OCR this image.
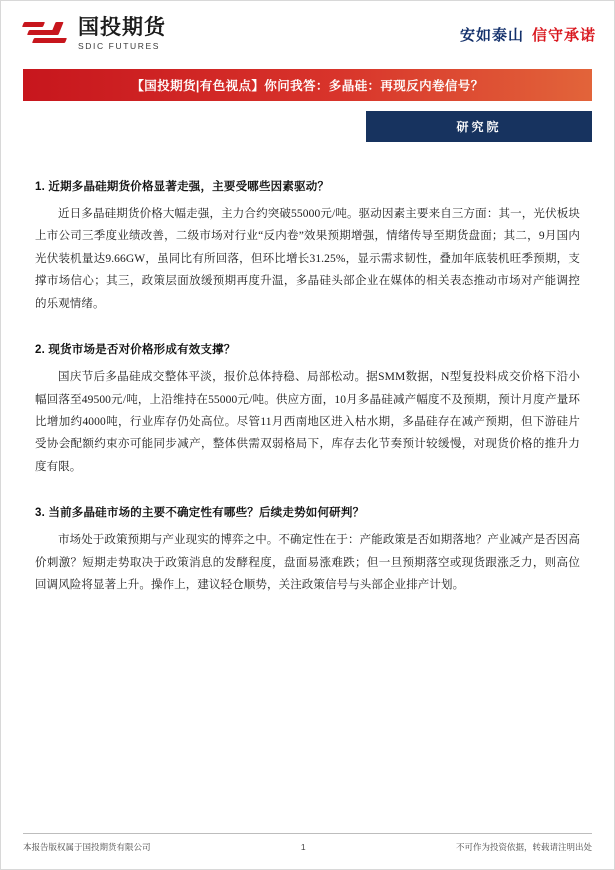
国投期货
SDIC FUTURES
安如泰山 信守承诺
【国投期货|有色视点】你问我答：多晶硅：再现反内卷信号？
研究院

1. 近期多晶硅期货价格显著走强，主要受哪些因素驱动？

近日多晶硅期货价格大幅走强，主力合约突破55000元/吨。驱动因素主要来自三方面：其一，光伏板块上市公司三季度业绩改善，二级市场对行业“反内卷”效果预期增强，情绪传导至期货盘面；其二，9月国内光伏装机量达9.66GW，虽同比有所回落，但环比增长31.25%，显示需求韧性，叠加年底装机旺季预期，支撑市场信心；其三，政策层面放缓预期再度升温，多晶硅头部企业在媒体的相关表态推动市场对产能调控的乐观情绪。

2. 现货市场是否对价格形成有效支撑？

国庆节后多晶硅成交整体平淡，报价总体持稳、局部松动。据SMM数据，N型复投料成交价格下沿小幅回落至49500元/吨，上沿维持在55000元/吨。供应方面，10月多晶硅减产幅度不及预期，预计月度产量环比增加约4000吨，行业库存仍处高位。尽管11月西南地区进入枯水期，多晶硅存在减产预期，但下游硅片受协会配额约束亦可能同步减产，整体供需双弱格局下，库存去化节奏预计较缓慢，对现货价格的推升力度有限。

3. 当前多晶硅市场的主要不确定性有哪些？后续走势如何研判？

市场处于政策预期与产业现实的博弈之中。不确定性在于：产能政策是否如期落地？产业减产是否因高价刺激？短期走势取决于政策消息的发酵程度，盘面易涨难跌；但一旦预期落空或现货跟涨乏力，则高位回调风险将显著上升。操作上，建议轻仓顺势，关注政策信号与头部企业排产计划。

本报告版权属于国投期货有限公司	1	不可作为投资依据，转载请注明出处
